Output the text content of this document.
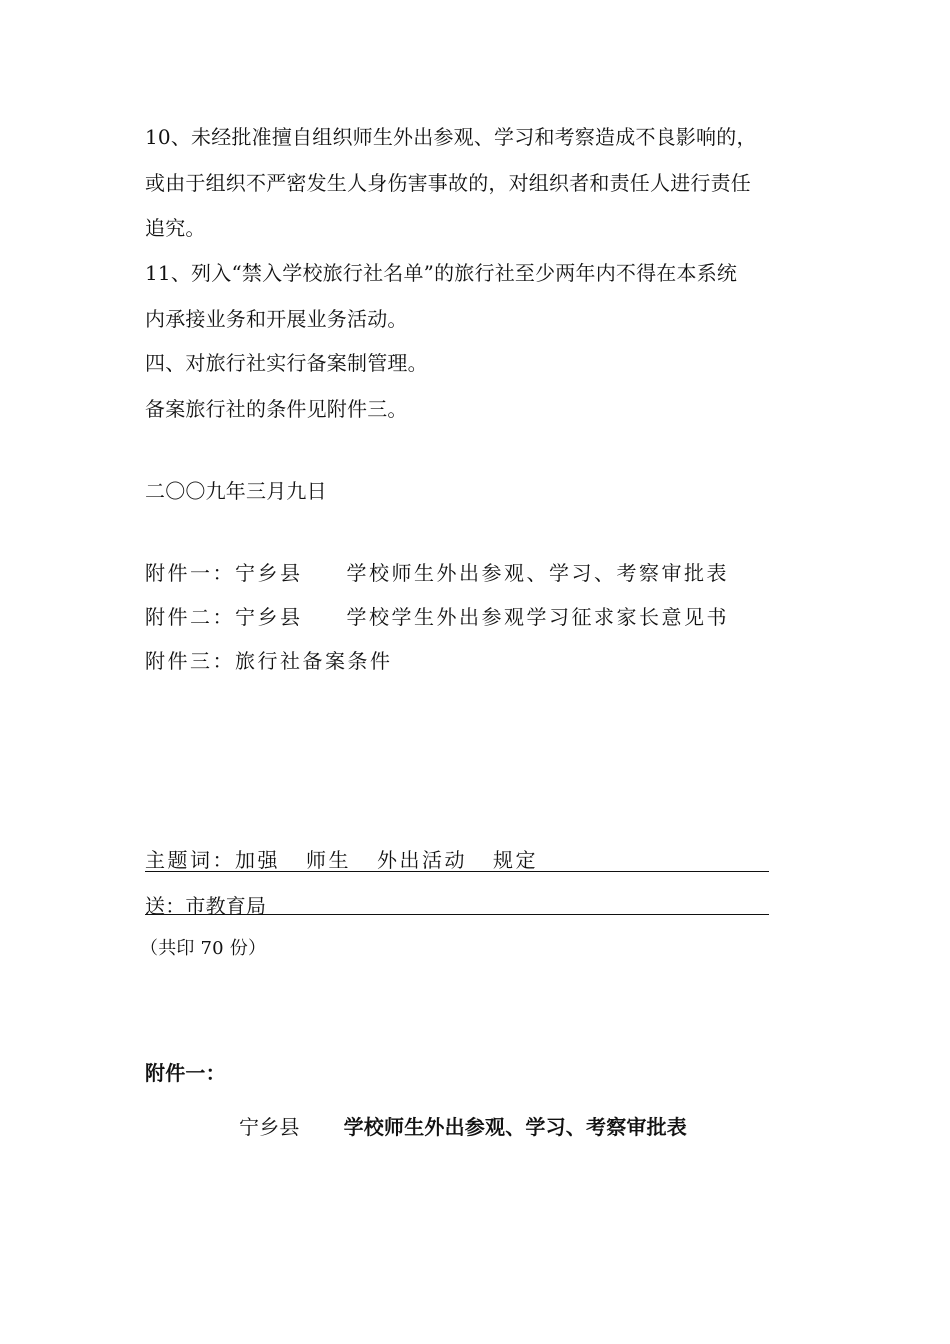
10、未经批准擅自组织师生外出参观、学习和考察造成不良影响的，
或由于组织不严密发生人身伤害事故的，对组织者和责任人进行责任
追究。
11、列入“禁入学校旅行社名单”的旅行社至少两年内不得在本系统
内承接业务和开展业务活动。
四、对旅行社实行备案制管理。
备案旅行社的条件见附件三。
二〇〇九年三月九日
附件一：宁乡县 学校师生外出参观、学习、考察审批表
附件二：宁乡县 学校学生外出参观学习征求家长意见书
附件三：旅行社备案条件
主题词：加强 师生 外出活动 规定
送：市教育局
（共印 70 份）
附件一：
宁乡县 学校师生外出参观、学习、考察审批表
